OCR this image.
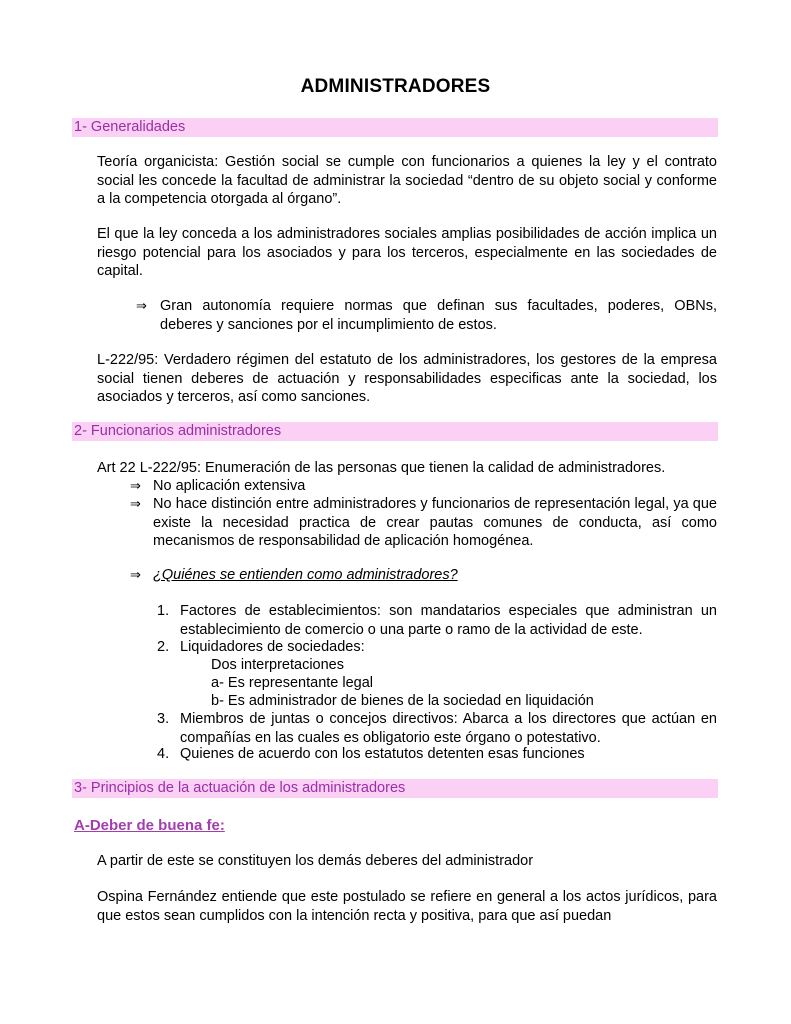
ADMINISTRADORES
1- Generalidades
Teoría organicista: Gestión social se cumple con funcionarios a quienes la ley y el contrato social les concede la facultad de administrar la sociedad “dentro de su objeto social y conforme a la competencia otorgada al órgano”.
El que la ley conceda a los administradores sociales amplias posibilidades de acción implica un riesgo potencial para los asociados y para los terceros, especialmente en las sociedades de capital.
⇒ Gran autonomía requiere normas que definan sus facultades, poderes, OBNs, deberes y sanciones por el incumplimiento de estos.
L-222/95: Verdadero régimen del estatuto de los administradores, los gestores de la empresa social tienen deberes de actuación y responsabilidades especificas ante la sociedad, los asociados y terceros, así como sanciones.
2- Funcionarios administradores
Art 22 L-222/95: Enumeración de las personas que tienen la calidad de administradores.
⇒ No aplicación extensiva
⇒ No hace distinción entre administradores y funcionarios de representación legal, ya que existe la necesidad practica de crear pautas comunes de conducta, así como mecanismos de responsabilidad de aplicación homogénea.
⇒ ¿Quiénes se entienden como administradores?
1. Factores de establecimientos: son mandatarios especiales que administran un establecimiento de comercio o una parte o ramo de la actividad de este.
2. Liquidadores de sociedades:
Dos interpretaciones
a- Es representante legal
b- Es administrador de bienes de la sociedad en liquidación
3. Miembros de juntas o concejos directivos: Abarca a los directores que actúan en compañías en las cuales es obligatorio este órgano o potestativo.
4. Quienes de acuerdo con los estatutos detenten esas funciones
3- Principios de la actuación de los administradores
A-Deber de buena fe:
A partir de este se constituyen los demás deberes del administrador
Ospina Fernández entiende que este postulado se refiere en general a los actos jurídicos, para que estos sean cumplidos con la intención recta y positiva, para que así puedan
